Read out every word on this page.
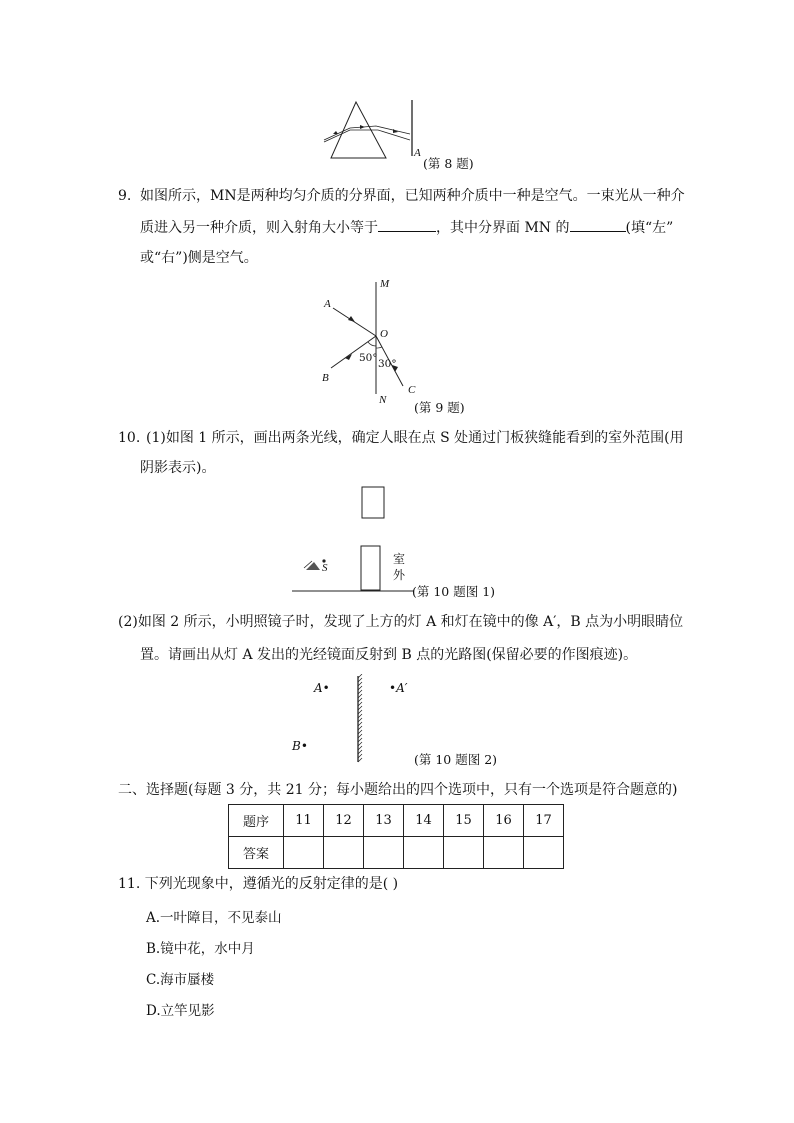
A
(第 8 题)
9. 如图所示，MN是两种均匀介质的分界面，已知两种介质中一种是空气。一束光从一种介
质进入另一种介质，则入射角大小等于	，其中分界面 MN 的	(填“左”
或“右”)侧是空气。
M
A
O
50° 30°
B
C
N (第 9 题)
10. (1)如图 1 所示，画出两条光线，确定人眼在点 S 处通过门板狭缝能看到的室外范围(用
阴影表示)。
S
室
外
(第 10 题图 1)
(2)如图 2 所示，小明照镜子时，发现了上方的灯 A 和灯在镜中的像 A′，B 点为小明眼睛位
置。请画出从灯 A 发出的光经镜面反射到 B 点的光路图(保留必要的作图痕迹)。
A•	•A′
B•
(第 10 题图 2)
二、选择题(每题 3 分，共 21 分；每小题给出的四个选项中，只有一个选项是符合题意的)
题序	11	12	13	14	15	16	17
答案							
11. 下列光现象中，遵循光的反射定律的是( )
A.一叶障目，不见泰山
B.镜中花，水中月
C.海市蜃楼
D.立竿见影
